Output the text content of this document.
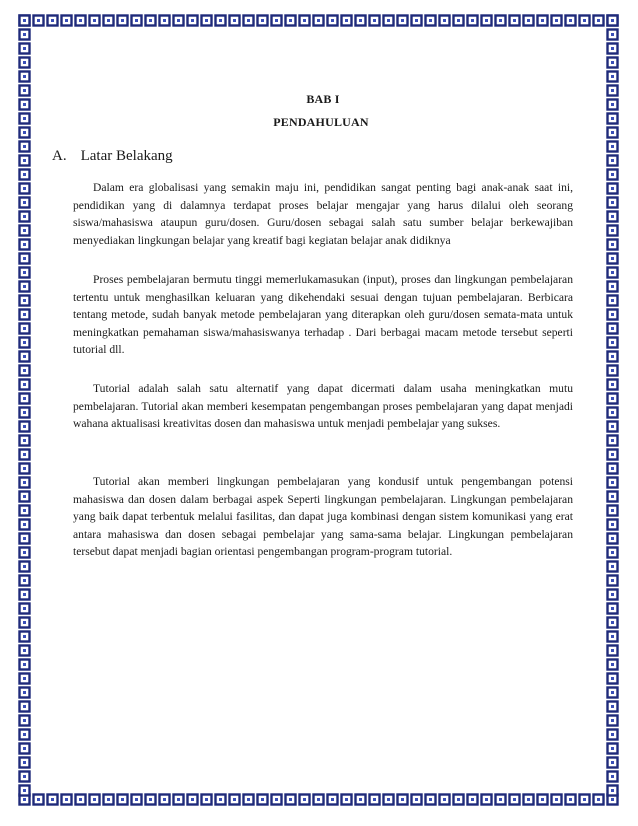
BAB I
PENDAHULUAN
A. Latar Belakang

Dalam era globalisasi yang semakin maju ini, pendidikan sangat penting bagi anak-anak saat ini, pendidikan yang di dalamnya terdapat proses belajar mengajar yang harus dilalui oleh seorang siswa/mahasiswa ataupun guru/dosen. Guru/dosen sebagai salah satu sumber belajar berkewajiban menyediakan lingkungan belajar yang kreatif bagi kegiatan belajar anak didiknya

Proses pembelajaran bermutu tinggi memerlukamasukan (input), proses dan lingkungan pembelajaran tertentu untuk menghasilkan keluaran yang dikehendaki sesuai dengan tujuan pembelajaran. Berbicara tentang metode, sudah banyak metode pembelajaran yang diterapkan oleh guru/dosen semata-mata untuk meningkatkan pemahaman siswa/mahasiswanya terhadap . Dari berbagai macam metode tersebut seperti tutorial dll.

Tutorial adalah salah satu alternatif yang dapat dicermati dalam usaha meningkatkan mutu pembelajaran. Tutorial akan memberi kesempatan pengembangan proses pembelajaran yang dapat menjadi wahana aktualisasi kreativitas dosen dan mahasiswa untuk menjadi pembelajar yang sukses.

Tutorial akan memberi lingkungan pembelajaran yang kondusif untuk pengembangan potensi mahasiswa dan dosen dalam berbagai aspek Seperti lingkungan pembelajaran. Lingkungan pembelajaran yang baik dapat terbentuk melalui fasilitas, dan dapat juga kombinasi dengan sistem komunikasi yang erat antara mahasiswa dan dosen sebagai pembelajar yang sama-sama belajar. Lingkungan pembelajaran tersebut dapat menjadi bagian orientasi pengembangan program-program tutorial.
